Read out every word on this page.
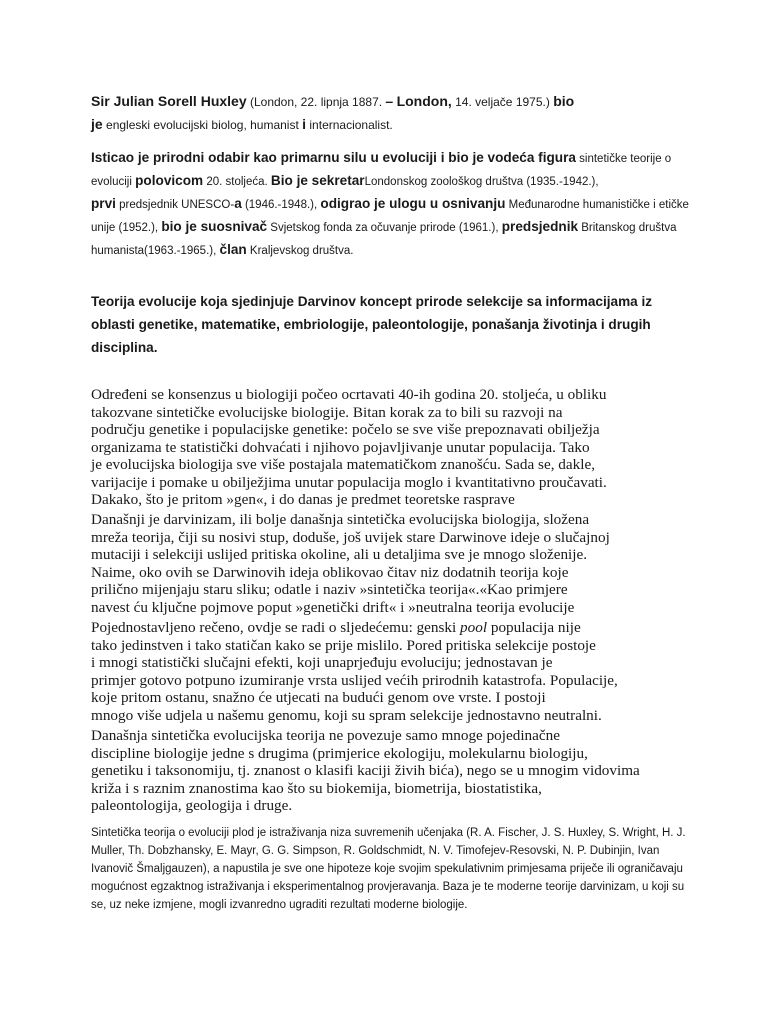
Sir Julian Sorell Huxley (London, 22. lipnja 1887. – London, 14. veljače 1975.) bio
je engleski evolucijski biolog, humanist i internacionalist.

Isticao je prirodni odabir kao primarnu silu u evoluciji i bio je vodeća figura sintetičke teorije o evoluciji polovicom 20. stoljeća. Bio je sekretarLondonskog zoološkog društva (1935.-1942.),
prvi predsjednik UNESCO-a (1946.-1948.), odigrao je ulogu u osnivanju Međunarodne humanističke i etičke unije (1952.), bio je suosnivač Svjetskog fonda za očuvanje prirode (1961.), predsjednik Britanskog društva humanista(1963.-1965.), član Kraljevskog društva.

Teorija evolucije koja sjedinjuje Darvinov koncept prirode selekcije sa informacijama iz oblasti genetike, matematike, embriologije, paleontologije, ponašanja životinja i drugih disciplina.

Određeni se konsenzus u biologiji počeo ocrtavati 40-ih godina 20. stoljeća, u obliku
takozvane sintetičke evolucijske biologije. Bitan korak za to bili su razvoji na
području genetike i populacijske genetike: počelo se sve više prepoznavati obilježja
organizama te statistički dohvaćati i njihovo pojavljivanje unutar populacija. Tako
je evolucijska biologija sve više postajala matematičkom znanošću. Sada se, dakle,
varijacije i pomake u obilježjima unutar populacija moglo i kvantitativno proučavati.
Dakako, što je pritom »gen«, i do danas je predmet teoretske rasprave
Današnji je darvinizam, ili bolje današnja sintetička evolucijska biologija, složena
mreža teorija, čiji su nosivi stup, doduše, još uvijek stare Darwinove ideje o slučajnoj
mutaciji i selekciji uslijed pritiska okoline, ali u detaljima sve je mnogo složenije.
Naime, oko ovih se Darwinovih ideja oblikovao čitav niz dodatnih teorija koje
prilično mijenjaju staru sliku; odatle i naziv »sintetička teorija«.«Kao primjere
navest ću ključne pojmove poput »genetički drift« i »neutralna teorija evolucije
Pojednostavljeno rečeno, ovdje se radi o sljedećemu: genski pool populacija nije
tako jedinstven i tako statičan kako se prije mislilo. Pored pritiska selekcije postoje
i mnogi statistički slučajni efekti, koji unaprjeđuju evoluciju; jednostavan je
primjer gotovo potpuno izumiranje vrsta uslijed većih prirodnih katastrofa. Populacije,
koje pritom ostanu, snažno će utjecati na budući genom ove vrste. I postoji
mnogo više udjela u našemu genomu, koji su spram selekcije jednostavno neutralni.
Današnja sintetička evolucijska teorija ne povezuje samo mnoge pojedinačne
discipline biologije jedne s drugima (primjerice ekologiju, molekularnu biologiju,
genetiku i taksonomiju, tj. znanost o klasifi kaciji živih bića), nego se u mnogim vidovima
križa i s raznim znanostima kao što su biokemija, biometrija, biostatistika,
paleontologija, geologija i druge.

Sintetička teorija o evoluciji plod je istraživanja niza suvremenih učenjaka (R. A. Fischer, J. S. Huxley, S. Wright, H. J. Muller, Th. Dobzhansky, E. Mayr, G. G. Simpson, R. Goldschmidt, N. V. Timofejev-Resovski, N. P. Dubinjin, Ivan Ivanovič Šmaljgauzen), a napustila je sve one hipoteze koje svojim spekulativnim primjesama priječe ili ograničavaju mogućnost egzaktnog istraživanja i eksperimentalnog provjeravanja. Baza je te moderne teorije darvinizam, u koji su se, uz neke izmjene, mogli izvanredno ugraditi rezultati moderne biologije.
